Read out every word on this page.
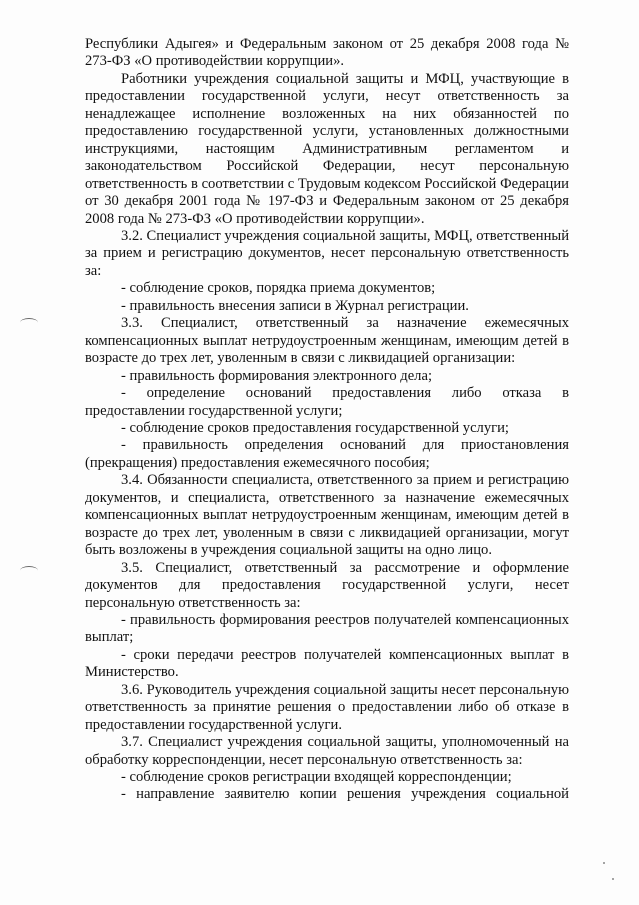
Республики Адыгея» и Федеральным законом от 25 декабря 2008 года № 273-ФЗ «О противодействии коррупции».

Работники учреждения социальной защиты и МФЦ, участвующие в предоставлении государственной услуги, несут ответственность за ненадлежащее исполнение возложенных на них обязанностей по предоставлению государственной услуги, установленных должностными инструкциями, настоящим Административным регламентом и законодательством Российской Федерации, несут персональную ответственность в соответствии с Трудовым кодексом Российской Федерации от 30 декабря 2001 года № 197-ФЗ и Федеральным законом от 25 декабря 2008 года № 273-ФЗ «О противодействии коррупции».

3.2. Специалист учреждения социальной защиты, МФЦ, ответственный за прием и регистрацию документов, несет персональную ответственность за:

- соблюдение сроков, порядка приема документов;

- правильность внесения записи в Журнал регистрации.

3.3. Специалист, ответственный за назначение ежемесячных компенсационных выплат нетрудоустроенным женщинам, имеющим детей в возрасте до трех лет, уволенным в связи с ликвидацией организации:

- правильность формирования электронного дела;

- определение оснований предоставления либо отказа в предоставлении государственной услуги;

- соблюдение сроков предоставления государственной услуги;

- правильность определения оснований для приостановления (прекращения) предоставления ежемесячного пособия;

3.4. Обязанности специалиста, ответственного за прием и регистрацию документов, и специалиста, ответственного за назначение ежемесячных компенсационных выплат нетрудоустроенным женщинам, имеющим детей в возрасте до трех лет, уволенным в связи с ликвидацией организации, могут быть возложены в учреждения социальной защиты на одно лицо.

3.5. Специалист, ответственный за рассмотрение и оформление документов для предоставления государственной услуги, несет персональную ответственность за:

- правильность формирования реестров получателей компенсационных выплат;

- сроки передачи реестров получателей компенсационных выплат в Министерство.

3.6. Руководитель учреждения социальной защиты несет персональную ответственность за принятие решения о предоставлении либо об отказе в предоставлении государственной услуги.

3.7. Специалист учреждения социальной защиты, уполномоченный на обработку корреспонденции, несет персональную ответственность за:

- соблюдение сроков регистрации входящей корреспонденции;

- направление заявителю копии решения учреждения социальной
